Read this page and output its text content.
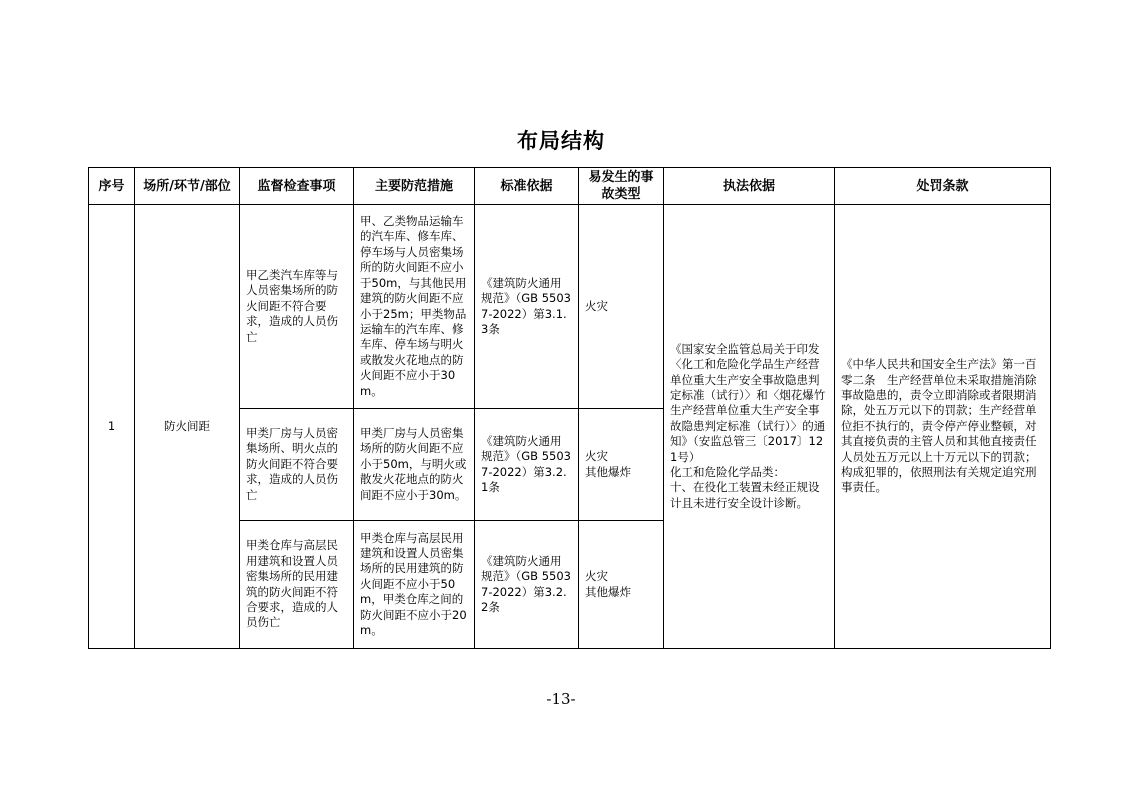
布局结构
序号	场所/环节/部位	监督检查事项	主要防范措施	标准依据	易发生的事故类型	执法依据	处罚条款
1	防火间距	甲乙类汽车库等与人员密集场所的防火间距不符合要求，造成的人员伤亡	甲、乙类物品运输车的汽车库、修车库、停车场与人员密集场所的防火间距不应小于50m，与其他民用建筑的防火间距不应小于25m；甲类物品运输车的汽车库、修车库、停车场与明火或散发火花地点的防火间距不应小于30m。	《建筑防火通用规范》（GB 55037-2022）第3.1.3条	火灾	《国家安全监管总局关于印发〈化工和危险化学品生产经营单位重大生产安全事故隐患判定标准（试行）〉和〈烟花爆竹生产经营单位重大生产安全事故隐患判定标准（试行）〉的通知》（安监总管三〔2017〕121号）
化工和危险化学品类：
十、在役化工装置未经正规设计且未进行安全设计诊断。	《中华人民共和国安全生产法》第一百零二条　生产经营单位未采取措施消除事故隐患的，责令立即消除或者限期消除，处五万元以下的罚款；生产经营单位拒不执行的，责令停产停业整顿，对其直接负责的主管人员和其他直接责任人员处五万元以上十万元以下的罚款；构成犯罪的，依照刑法有关规定追究刑事责任。

		甲类厂房与人员密集场所、明火点的防火间距不符合要求，造成的人员伤亡	甲类厂房与人员密集场所的防火间距不应小于50m，与明火或散发火花地点的防火间距不应小于30m。	《建筑防火通用规范》（GB 55037-2022）第3.2.1条	火灾
其他爆炸		

		甲类仓库与高层民用建筑和设置人员密集场所的民用建筑的防火间距不符合要求，造成的人员伤亡	甲类仓库与高层民用建筑和设置人员密集场所的民用建筑的防火间距不应小于50m，甲类仓库之间的防火间距不应小于20m。	《建筑防火通用规范》（GB 55037-2022）第3.2.2条	火灾
其他爆炸		
-13-
